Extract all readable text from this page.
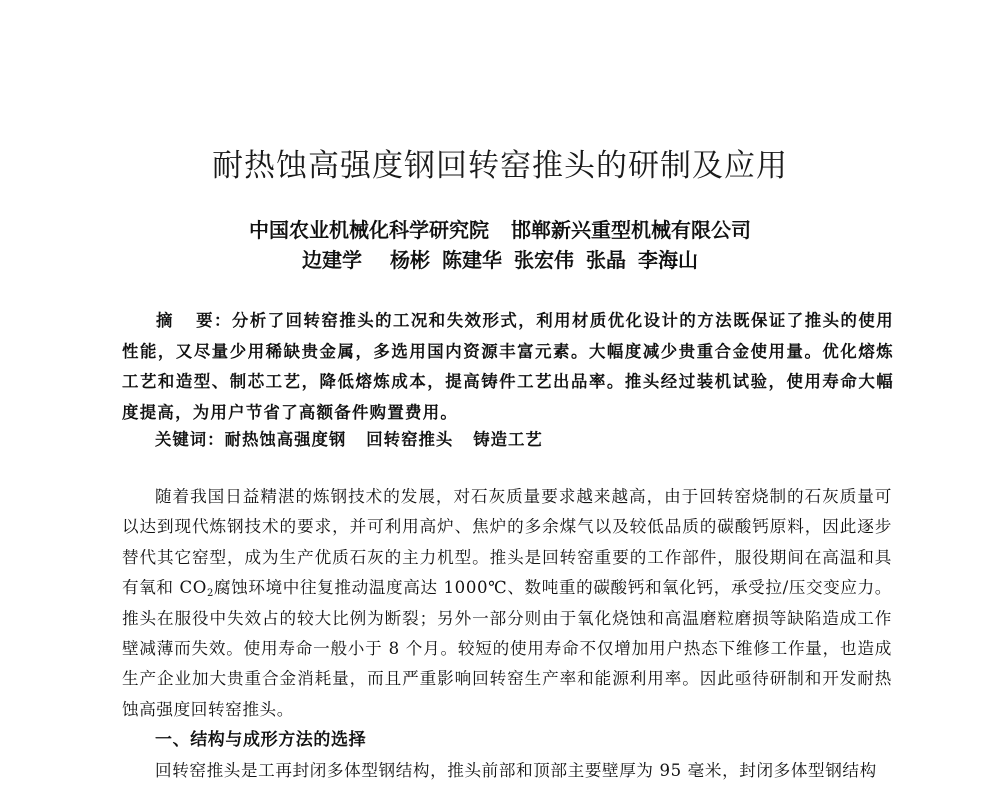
耐热蚀高强度钢回转窑推头的研制及应用
中国农业机械化科学研究院 邯郸新兴重型机械有限公司
边建学 杨彬 陈建华 张宏伟 张晶 李海山
摘 要：分析了回转窑推头的工况和失效形式，利用材质优化设计的方法既保证了推头的使用性能，又尽量少用稀缺贵金属，多选用国内资源丰富元素。大幅度减少贵重合金使用量。优化熔炼工艺和造型、制芯工艺，降低熔炼成本，提高铸件工艺出品率。推头经过装机试验，使用寿命大幅度提高，为用户节省了高额备件购置费用。
关键词：耐热蚀高强度钢 回转窑推头 铸造工艺

随着我国日益精湛的炼钢技术的发展，对石灰质量要求越来越高，由于回转窑烧制的石灰质量可以达到现代炼钢技术的要求，并可利用高炉、焦炉的多余煤气以及较低品质的碳酸钙原料，因此逐步替代其它窑型，成为生产优质石灰的主力机型。推头是回转窑重要的工作部件，服役期间在高温和具有氧和 $CO_2$腐蚀环境中往复推动温度高达 1000℃、数吨重的碳酸钙和氧化钙，承受拉/压交变应力。推头在服役中失效占的较大比例为断裂；另外一部分则由于氧化烧蚀和高温磨粒磨损等缺陷造成工作壁减薄而失效。使用寿命一般小于 8 个月。较短的使用寿命不仅增加用户热态下维修工作量，也造成生产企业加大贵重合金消耗量，而且严重影响回转窑生产率和能源利用率。因此亟待研制和开发耐热蚀高强度回转窑推头。

一、结构与成形方法的选择

回转窑推头是工再封闭多体型钢结构，推头前部和顶部主要壁厚为 95 毫米，封闭多体型钢结构
